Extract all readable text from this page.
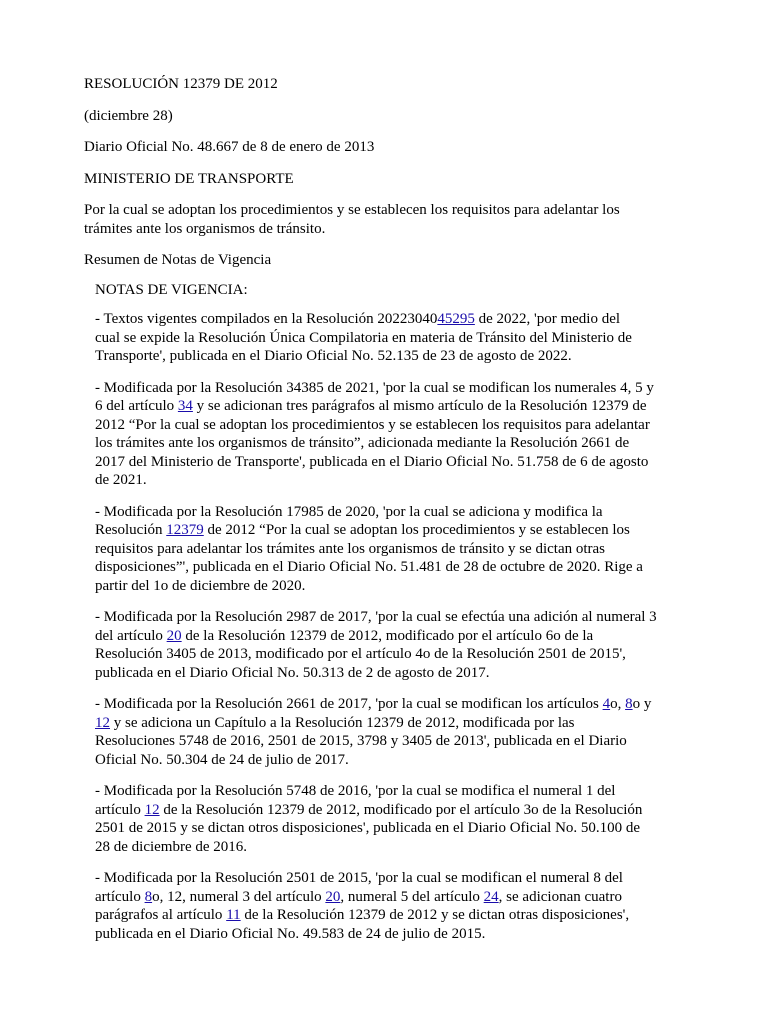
RESOLUCIÓN 12379 DE 2012

(diciembre 28)

Diario Oficial No. 48.667 de 8 de enero de 2013

MINISTERIO DE TRANSPORTE

Por la cual se adoptan los procedimientos y se establecen los requisitos para adelantar los

trámites ante los organismos de tránsito.

Resumen de Notas de Vigencia

NOTAS DE VIGENCIA:

- Textos vigentes compilados en la Resolución 2022304045295 de 2022, 'por medio del

cual se expide la Resolución Única Compilatoria en materia de Tránsito del Ministerio de

Transporte', publicada en el Diario Oficial No. 52.135 de 23 de agosto de 2022.

- Modificada por la Resolución 34385 de 2021, 'por la cual se modifican los numerales 4, 5 y

6 del artículo 34 y se adicionan tres parágrafos al mismo artículo de la Resolución 12379 de

2012 “Por la cual se adoptan los procedimientos y se establecen los requisitos para adelantar

los trámites ante los organismos de tránsito”, adicionada mediante la Resolución 2661 de

2017 del Ministerio de Transporte', publicada en el Diario Oficial No. 51.758 de 6 de agosto

de 2021.

- Modificada por la Resolución 17985 de 2020, 'por la cual se adiciona y modifica la

Resolución 12379 de 2012 “Por la cual se adoptan los procedimientos y se establecen los

requisitos para adelantar los trámites ante los organismos de tránsito y se dictan otras

disposiciones”', publicada en el Diario Oficial No. 51.481 de 28 de octubre de 2020. Rige a

partir del 1o de diciembre de 2020.

- Modificada por la Resolución 2987 de 2017, 'por la cual se efectúa una adición al numeral 3

del artículo 20 de la Resolución 12379 de 2012, modificado por el artículo 6o de la

Resolución 3405 de 2013, modificado por el artículo 4o de la Resolución 2501 de 2015',

publicada en el Diario Oficial No. 50.313 de 2 de agosto de 2017.

- Modificada por la Resolución 2661 de 2017, 'por la cual se modifican los artículos 4o, 8o y

12 y se adiciona un Capítulo a la Resolución 12379 de 2012, modificada por las

Resoluciones 5748 de 2016, 2501 de 2015, 3798 y 3405 de 2013', publicada en el Diario

Oficial No. 50.304 de 24 de julio de 2017.

- Modificada por la Resolución 5748 de 2016, 'por la cual se modifica el numeral 1 del

artículo 12 de la Resolución 12379 de 2012, modificado por el artículo 3o de la Resolución

2501 de 2015 y se dictan otros disposiciones', publicada en el Diario Oficial No. 50.100 de

28 de diciembre de 2016.

- Modificada por la Resolución 2501 de 2015, 'por la cual se modifican el numeral 8 del

artículo 8o, 12, numeral 3 del artículo 20, numeral 5 del artículo 24, se adicionan cuatro

parágrafos al artículo 11 de la Resolución 12379 de 2012 y se dictan otras disposiciones',

publicada en el Diario Oficial No. 49.583 de 24 de julio de 2015.
